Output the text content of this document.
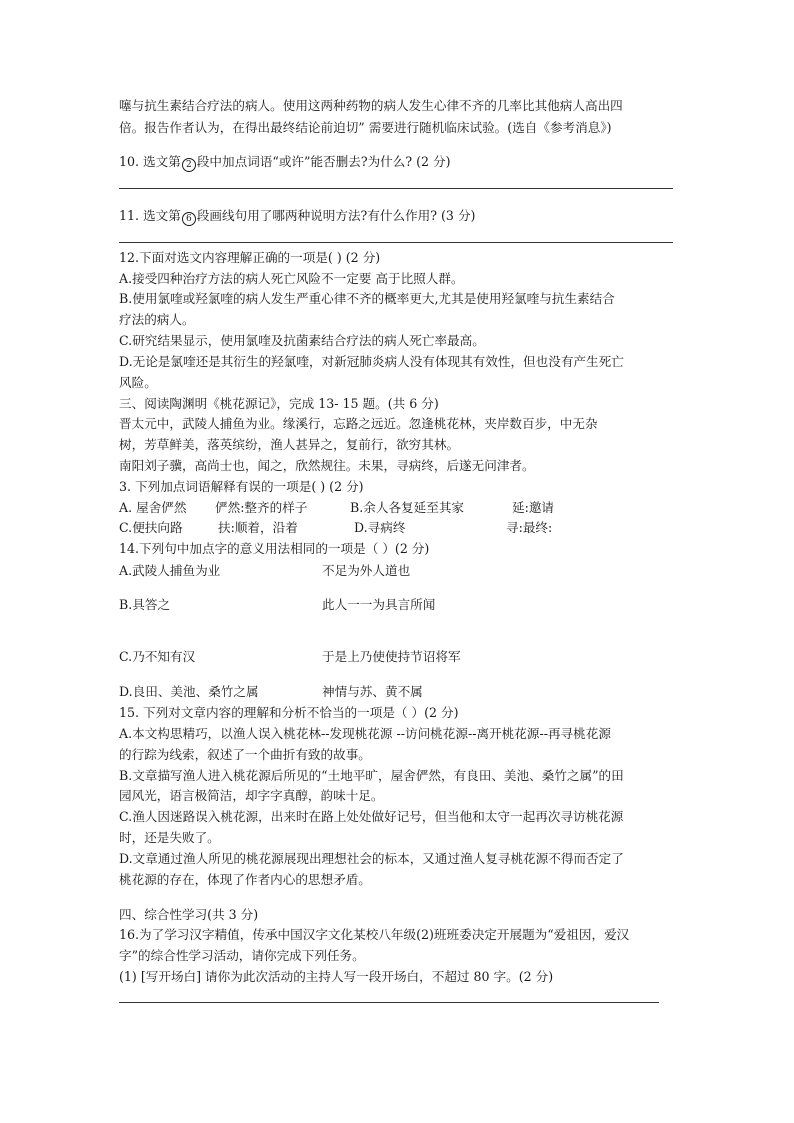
噻与抗生素结合疗法的病人。使用这两种药物的病人发生心律不齐的几率比其他病人高出四
倍。报告作者认为，在得出最终结论前迫切” 需要进行随机临床试验。(选自《参考消息》)
10. 选文第 2 段中加点词语“或许”能否删去?为什么? (2 分)
11. 选文第 6 段画线句用了哪两种说明方法?有什么作用? (3 分)
12.下面对选文内容理解正确的一项是( ) (2 分)
A.接受四种治疗方法的病人死亡风险不一定要 高于比照人群。
B.使用氯喹或羟氯喹的病人发生严重心律不齐的概率更大,尤其是使用羟氯喹与抗生素结合
疗法的病人。
C.研究结果显示，使用氯喹及抗菌素结合疗法的病人死亡率最高。
D.无论是氯喹还是其衍生的羟氯喹，对新冠肺炎病人没有体现其有效性，但也没有产生死亡
风险。
三、阅读陶渊明《桃花源记》，完成 13- 15 题。(共 6 分)
晋太元中，武陵人捕鱼为业。缘溪行，忘路之远近。忽逢桃花林，夹岸数百步，中无杂
树，芳草鲜美，落英缤纷，渔人甚异之，复前行，欲穷其林。
南阳刘子骥，高尚士也，闻之，欣然规往。未果，寻病终，后遂无问津者。
3. 下列加点词语解释有误的一项是( ) (2 分)
A. 屋舍俨然 俨然:整齐的样子	B.余人各复延至其家	延:邀请
C.便扶向路	扶:顺着，沿着	D.寻病终	寻:最终:
14.下列句中加点字的意义用法相同的一项是（ ）(2 分)
A.武陵人捕鱼为业	不足为外人道也
B.具答之	此人一一为具言所闻
C.乃不知有汉	于是上乃使使持节诏将军
D.良田、美池、桑竹之属	神情与苏、黄不属
15. 下列对文章内容的理解和分析不恰当的一项是（ ）(2 分)
A.本文构思精巧，以渔人误入桃花林--发现桃花源 --访问桃花源--离开桃花源--再寻桃花源
的行踪为线索，叙述了一个曲折有致的故事。
B.文章描写渔人进入桃花源后所见的“土地平旷，屋舍俨然，有良田、美池、桑竹之属”的田
园风光，语言极简洁，却字字真醇，韵味十足。
C.渔人因迷路误入桃花源，出来时在路上处处做好记号，但当他和太守一起再次寻访桃花源
时，还是失败了。
D.文章通过渔人所见的桃花源展现出理想社会的标本，又通过渔人复寻桃花源不得而否定了
桃花源的存在，体现了作者内心的思想矛盾。
四、综合性学习(共 3 分)
16.为了学习汉字精值，传承中国汉字文化某校八年级(2)班班委决定开展题为“爱祖因，爱汉
字”的综合性学习活动，请你完成下列任务。
(1) [写开场白] 请你为此次活动的主持人写一段开场白，不超过 80 字。(2 分)
